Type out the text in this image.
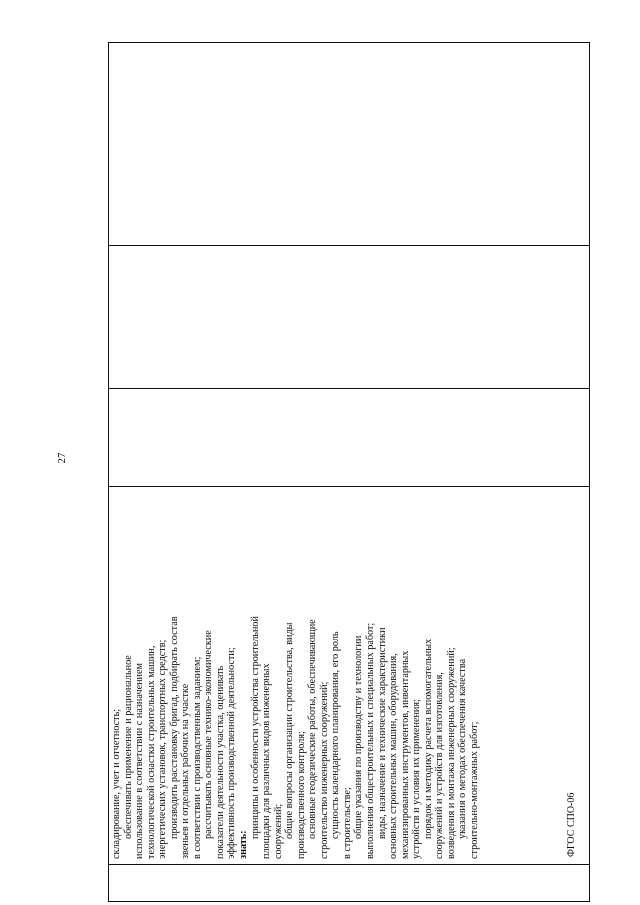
27
складирование, учет и отчетность; обеспечивать применение и рациональное использование в соответствии с назначением технологической оснастки строительных машин, энергетических установок, транспортных средств; производить расстановку бригад, подбирать состав звеньев и отдельных рабочих на участке в соответствии с производственным заданием; рассчитывать основные технико-экономические показатели деятельности участка, оценивать эффективность производственной деятельности; знать:
принципы и особенности устройства строительной площадки для различных видов инженерных сооружений; общие вопросы организации строительства, виды производственного контроля; основные геодезические работы, обеспечивающие строительство инженерных сооружений; сущность календарного планирования, его роль в строительстве; общие указания по производству и технологии выполнения общестроительных и специальных работ; виды, назначение и технические характеристики основных строительных машин, оборудования, механизированных инструментов, инвентарных устройств и условия их применения; порядок и методику расчета вспомогательных сооружений и устройств для изготовления, возведения и монтажа инженерных сооружений; указания о методах обеспечения качества строительно-монтажных работ;	ФГОС СПО-06
